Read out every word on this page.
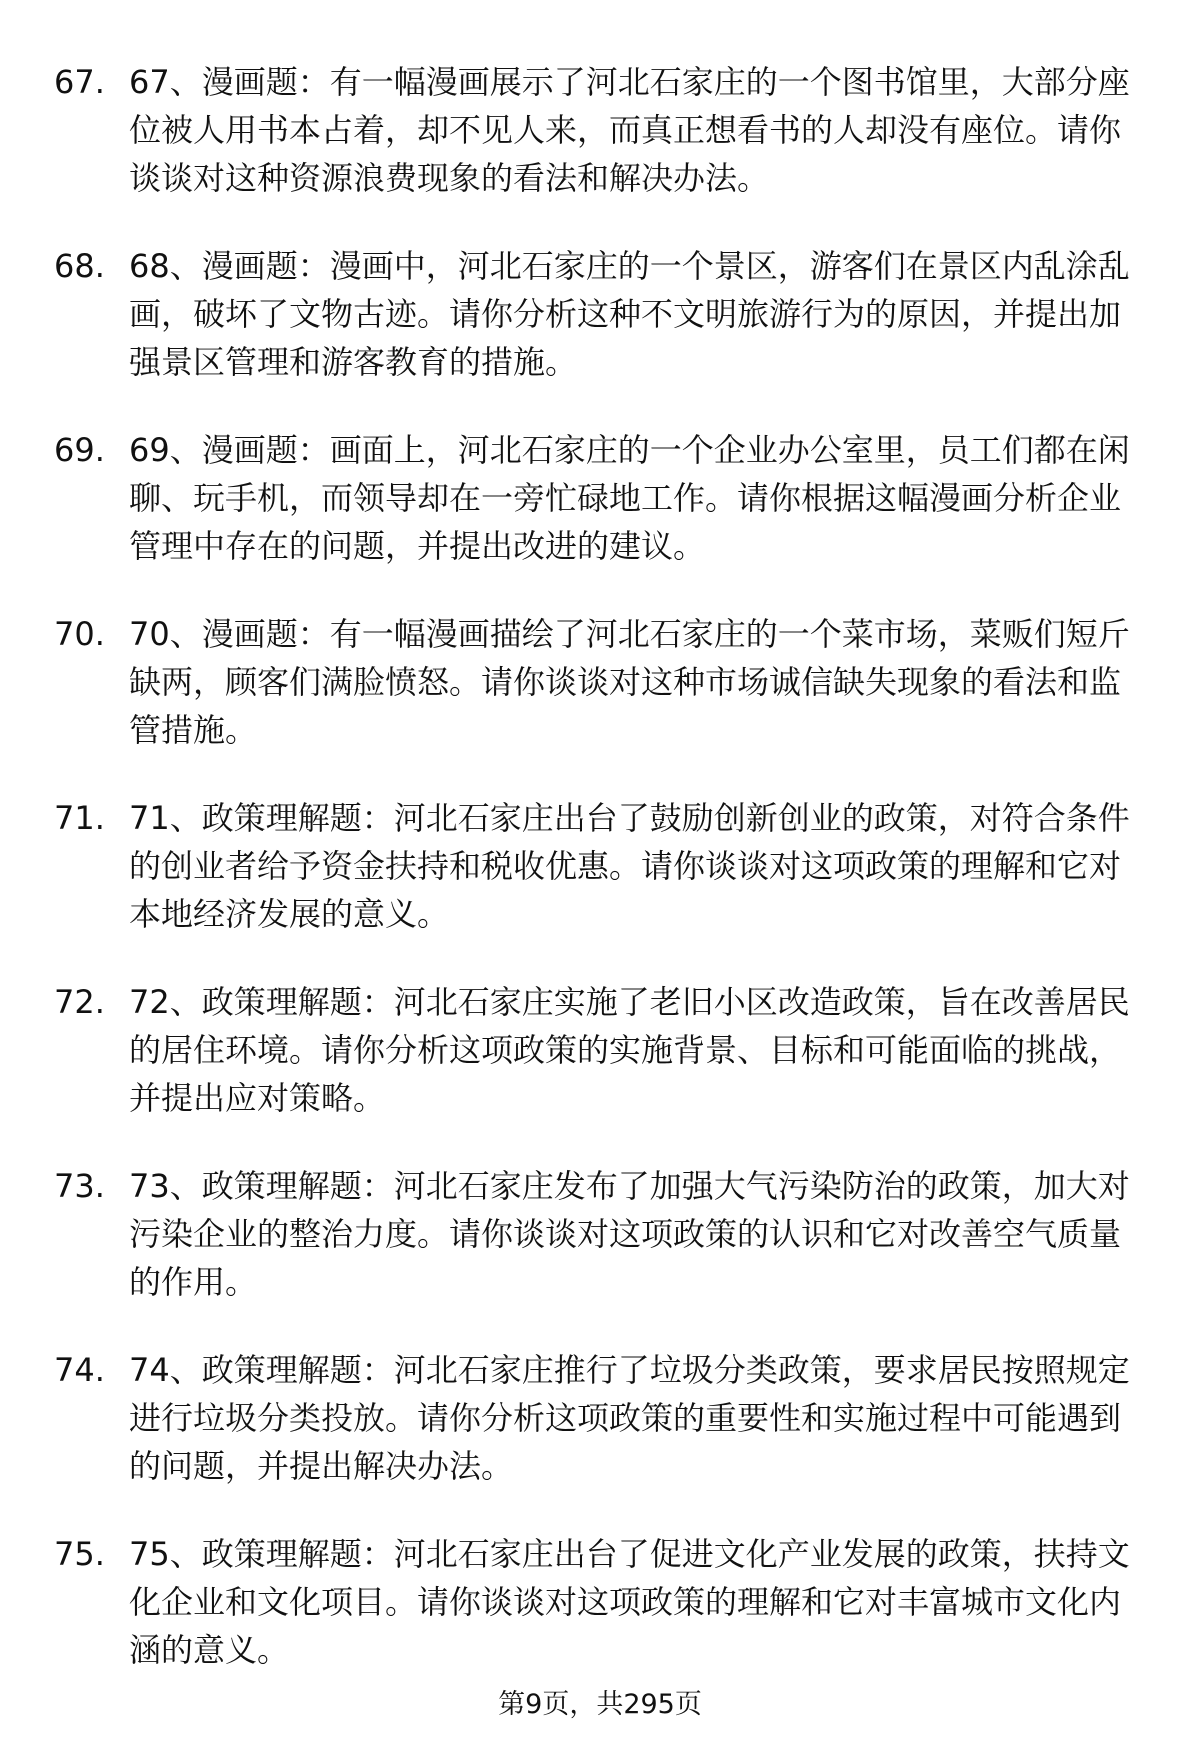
67. 67、漫画题：有一幅漫画展示了河北石家庄的一个图书馆里，大部分座位被人用书本占着，却不见人来，而真正想看书的人却没有座位。请你谈谈对这种资源浪费现象的看法和解决办法。
68. 68、漫画题：漫画中，河北石家庄的一个景区，游客们在景区内乱涂乱画，破坏了文物古迹。请你分析这种不文明旅游行为的原因，并提出加强景区管理和游客教育的措施。
69. 69、漫画题：画面上，河北石家庄的一个企业办公室里，员工们都在闲聊、玩手机，而领导却在一旁忙碌地工作。请你根据这幅漫画分析企业管理中存在的问题，并提出改进的建议。
70. 70、漫画题：有一幅漫画描绘了河北石家庄的一个菜市场，菜贩们短斤缺两，顾客们满脸愤怒。请你谈谈对这种市场诚信缺失现象的看法和监管措施。
71. 71、政策理解题：河北石家庄出台了鼓励创新创业的政策，对符合条件的创业者给予资金扶持和税收优惠。请你谈谈对这项政策的理解和它对本地经济发展的意义。
72. 72、政策理解题：河北石家庄实施了老旧小区改造政策，旨在改善居民的居住环境。请你分析这项政策的实施背景、目标和可能面临的挑战，并提出应对策略。
73. 73、政策理解题：河北石家庄发布了加强大气污染防治的政策，加大对污染企业的整治力度。请你谈谈对这项政策的认识和它对改善空气质量的作用。
74. 74、政策理解题：河北石家庄推行了垃圾分类政策，要求居民按照规定进行垃圾分类投放。请你分析这项政策的重要性和实施过程中可能遇到的问题，并提出解决办法。
75. 75、政策理解题：河北石家庄出台了促进文化产业发展的政策，扶持文化企业和文化项目。请你谈谈对这项政策的理解和它对丰富城市文化内涵的意义。
第9页，共295页
